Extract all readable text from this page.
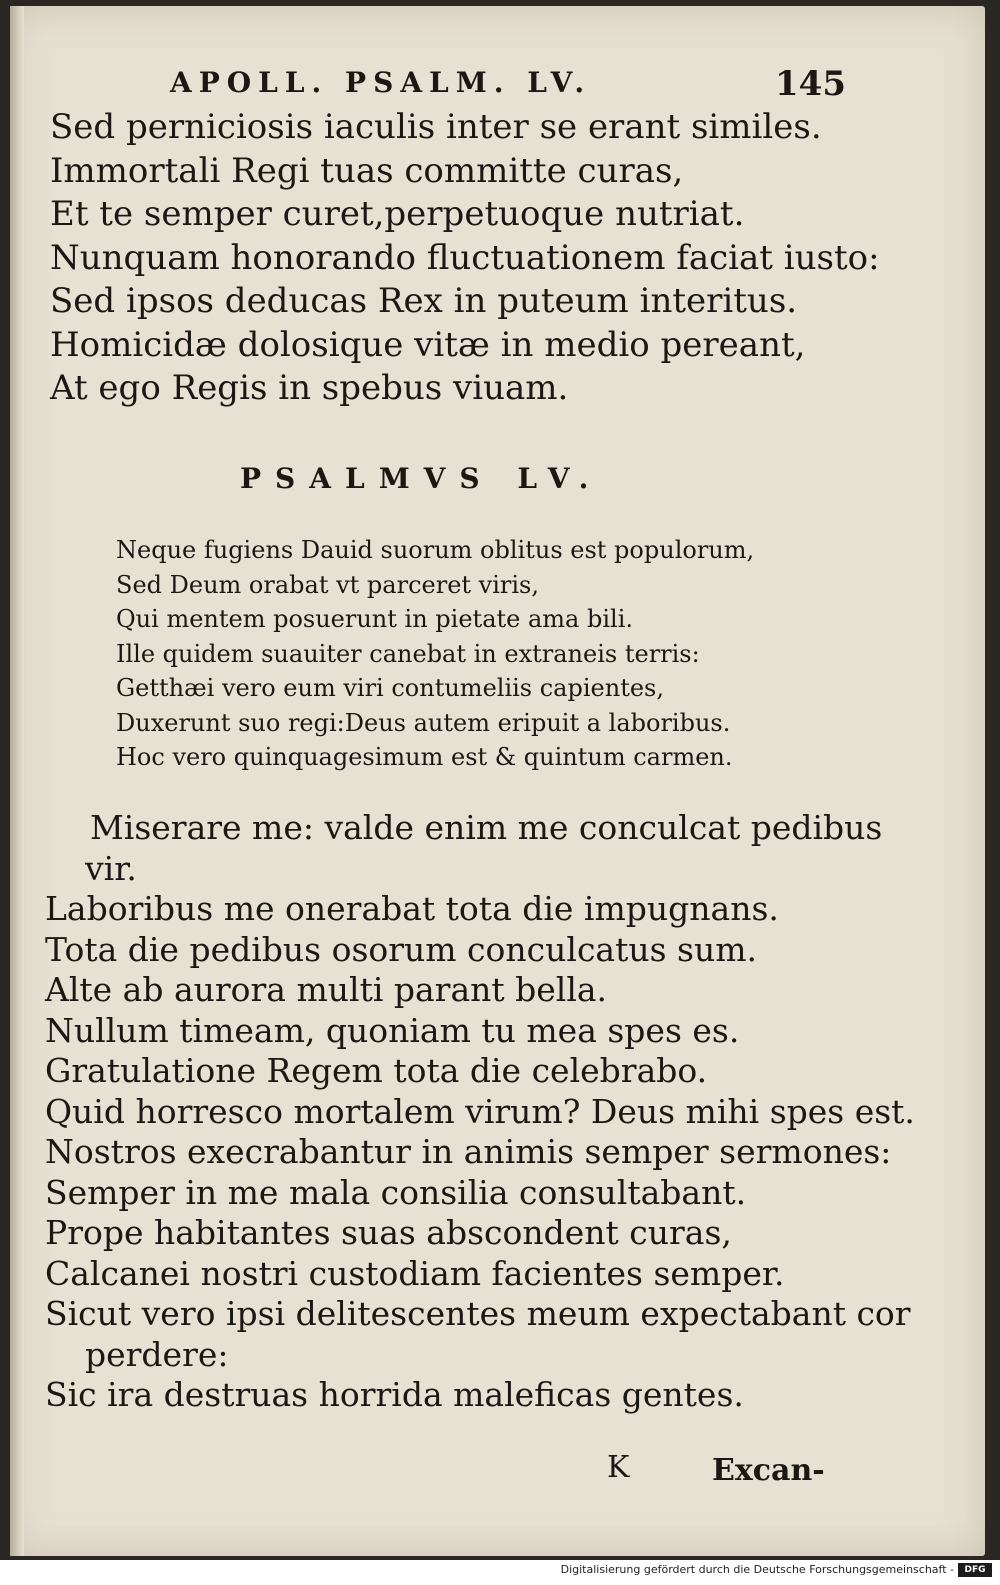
APOLL. PSALM. LV.	145
Sed perniciosis iaculis inter se erant similes.
Immortali Regi tuas committe curas,
Et te semper curet,perpetuoque nutriat.
Nunquam honorando fluctuationem faciat iusto:
Sed ipsos deducas Rex in puteum interitus.
Homicidæ dolosique vitæ in medio pereant,
At ego Regis in spebus viuam.
PSALMVS LV.
Neque fugiens Dauid suorum oblitus est populorum,
Sed Deum orabat vt parceret viris,
Qui mentem posuerunt in pietate ama bili.
Ille quidem suauiter canebat in extraneis terris:
Getthæi vero eum viri contumeliis capientes,
Duxerunt suo regi:Deus autem eripuit a laboribus.
Hoc vero quinquagesimum est & quintum carmen.
Miserare me: valde enim me conculcat pedibus
vir.
Laboribus me onerabat tota die impugnans.
Tota die pedibus osorum conculcatus sum.
Alte ab aurora multi parant bella.
Nullum timeam, quoniam tu mea spes es.
Gratulatione Regem tota die celebrabo.
Quid horresco mortalem virum? Deus mihi spes est.
Nostros execrabantur in animis semper sermones:
Semper in me mala consilia consultabant.
Prope habitantes suas abscondent curas,
Calcanei nostri custodiam facientes semper.
Sicut vero ipsi delitescentes meum expectabant cor
perdere:
Sic ira destruas horrida maleficas gentes.
K	Excan-
Digitalisierung gefördert durch die Deutsche Forschungsgemeinschaft -	DFG
